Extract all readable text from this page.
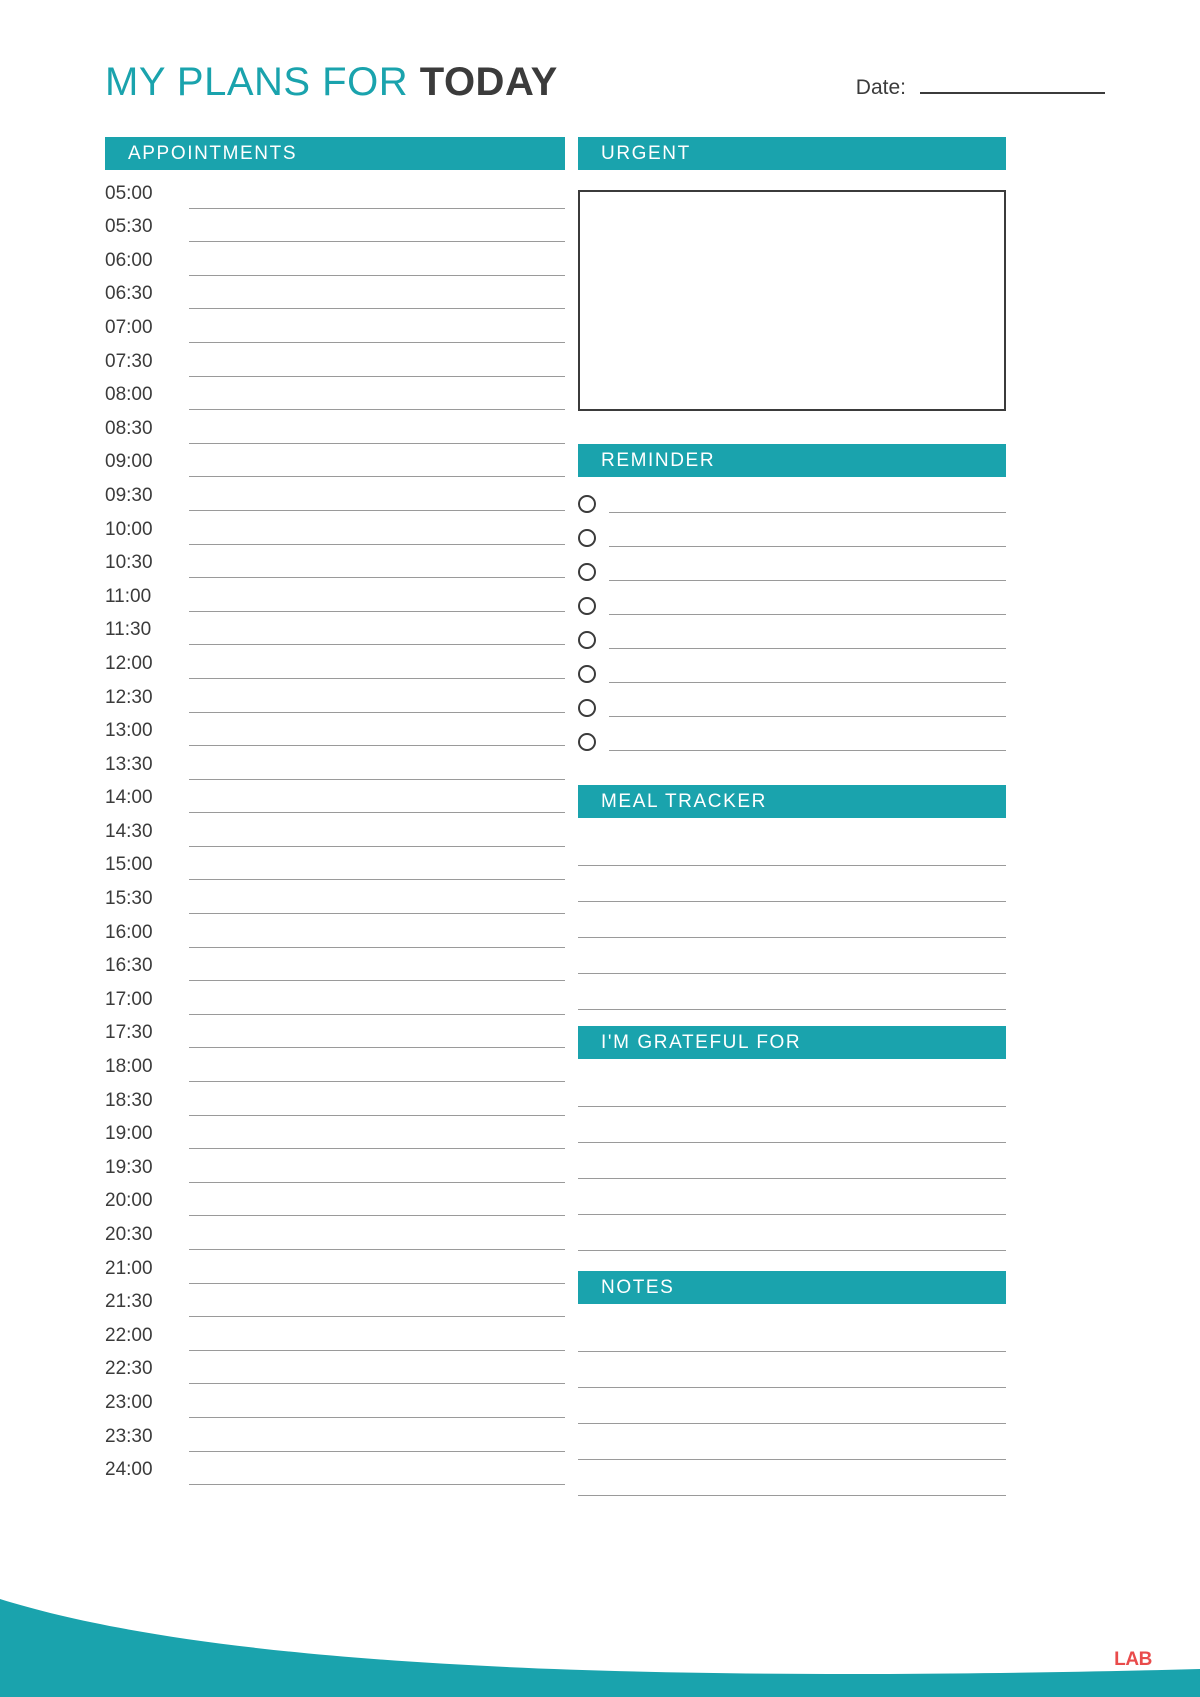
MY PLANS FOR TODAY	Date:
APPOINTMENTS
05:00
05:30
06:00
06:30
07:00
07:30
08:00
08:30
09:00
09:30
10:00
10:30
11:00
11:30
12:00
12:30
13:00
13:30
14:00
14:30
15:00
15:30
16:00
16:30
17:00
17:30
18:00
18:30
19:00
19:30
20:00
20:30
21:00
21:30
22:00
22:30
23:00
23:30
24:00
URGENT
REMINDER
MEAL TRACKER
I'M GRATEFUL FOR
NOTES
CREATED BY
TemplateLAB
